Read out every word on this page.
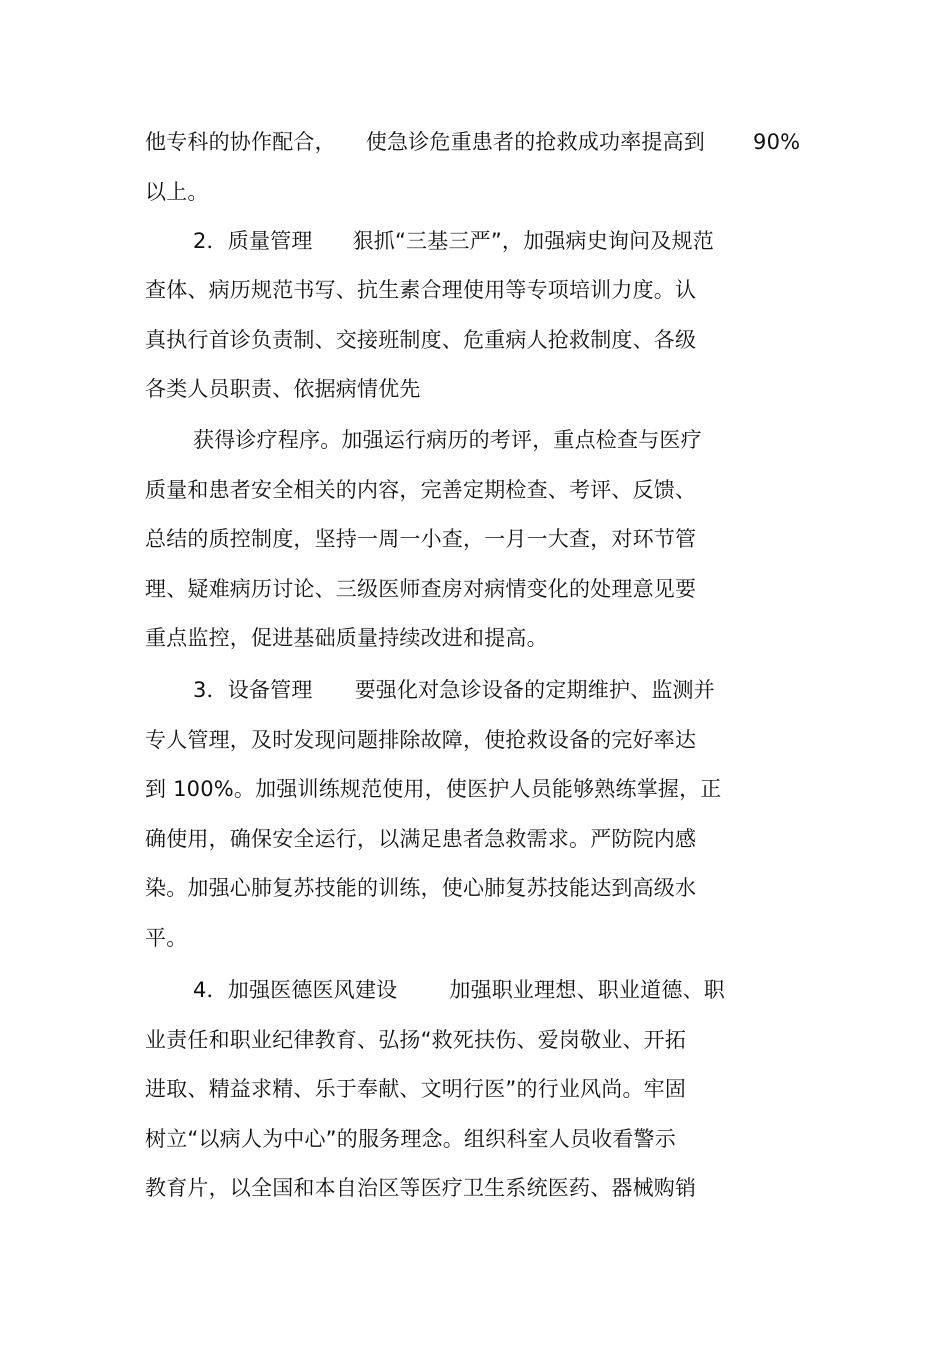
他专科的协作配合， 使急诊危重患者的抢救成功率提高到 90%
以上。
2．质量管理 狠抓“三基三严”，加强病史询问及规范
查体、病历规范书写、抗生素合理使用等专项培训力度。认
真执行首诊负责制、交接班制度、危重病人抢救制度、各级
各类人员职责、依据病情优先
获得诊疗程序。加强运行病历的考评，重点检查与医疗
质量和患者安全相关的内容，完善定期检查、考评、反馈、
总结的质控制度，坚持一周一小查，一月一大查，对环节管
理、疑难病历讨论、三级医师查房对病情变化的处理意见要
重点监控，促进基础质量持续改进和提高。
3．设备管理 要强化对急诊设备的定期维护、监测并
专人管理，及时发现问题排除故障，使抢救设备的完好率达
到 100%。加强训练规范使用，使医护人员能够熟练掌握，正
确使用，确保安全运行，以满足患者急救需求。严防院内感
染。加强心肺复苏技能的训练，使心肺复苏技能达到高级水
平。
4．加强医德医风建设 加强职业理想、职业道德、职
业责任和职业纪律教育、弘扬“救死扶伤、爱岗敬业、开拓
进取、精益求精、乐于奉献、文明行医”的行业风尚。牢固
树立“以病人为中心”的服务理念。组织科室人员收看警示
教育片，以全国和本自治区等医疗卫生系统医药、器械购销
